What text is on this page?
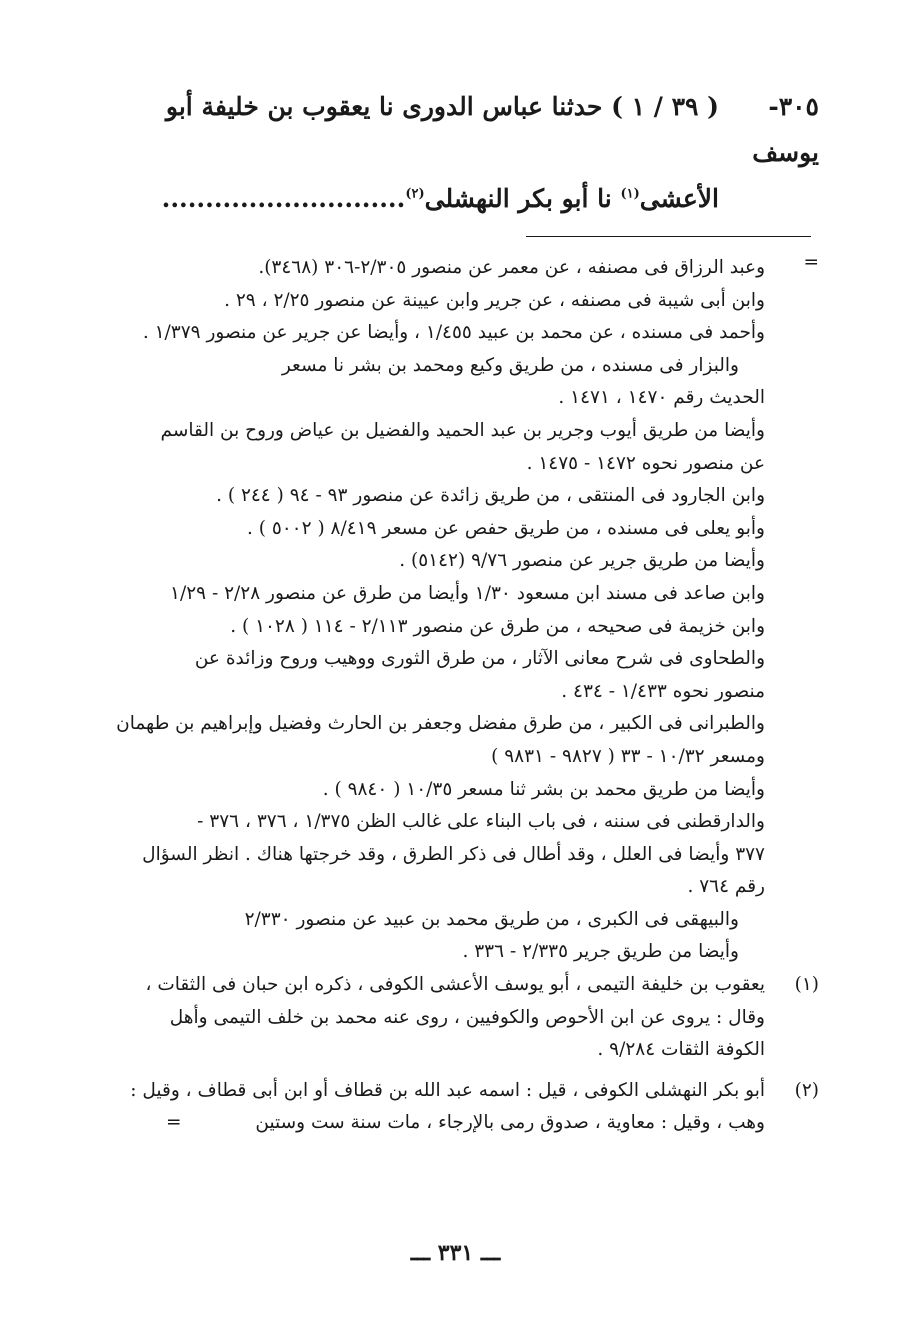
٣٠٥-( ٣٩ / ١ ) حدثنا عباس الدورى نا يعقوب بن خليفة أبو يوسف
الأعشى$^{(١)}$ نا أبو بكر النهشلى$^{(٢)}$............................
=
وعبد الرزاق فى مصنفه ، عن معمر عن منصور ٢/٣٠٥-٣٠٦ (٣٤٦٨).
وابن أبى شيبة فى مصنفه ، عن جرير وابن عيينة عن منصور ٢/٢٥ ، ٢٩ .
وأحمد فى مسنده ، عن محمد بن عبيد ١/٤٥٥ ، وأيضا عن جرير عن منصور ١/٣٧٩ .
والبزار فى مسنده ، من طريق وكيع ومحمد بن بشر نا مسعر
الحديث رقم ١٤٧٠ ، ١٤٧١ .
وأيضا من طريق أيوب وجرير بن عبد الحميد والفضيل بن عياض وروح بن القاسم
عن منصور نحوه ١٤٧٢ - ١٤٧٥ .
وابن الجارود فى المنتقى ، من طريق زائدة عن منصور ٩٣ - ٩٤ ( ٢٤٤ ) .
وأبو يعلى فى مسنده ، من طريق حفص عن مسعر ٨/٤١٩ ( ٥٠٠٢ ) .
وأيضا من طريق جرير عن منصور ٩/٧٦ (٥١٤٢) .
وابن صاعد فى مسند ابن مسعود ١/٣٠ وأيضا من طرق عن منصور ٢/٢٨ - ١/٢٩
وابن خزيمة فى صحيحه ، من طرق عن منصور ٢/١١٣ - ١١٤ ( ١٠٢٨ ) .
والطحاوى فى شرح معانى الآثار ، من طرق الثورى ووهيب وروح وزائدة عن
منصور نحوه ١/٤٣٣ - ٤٣٤ .
والطبرانى فى الكبير ، من طرق مفضل وجعفر بن الحارث وفضيل وإبراهيم بن طهمان
ومسعر ١٠/٣٢ - ٣٣ ( ٩٨٢٧ - ٩٨٣١ )
وأيضا من طريق محمد بن بشر ثنا مسعر ١٠/٣٥ ( ٩٨٤٠ ) .
والدارقطنى فى سننه ، فى باب البناء على غالب الظن ١/٣٧٥ ، ٣٧٦ ، ٣٧٦ -
٣٧٧ وأيضا فى العلل ، وقد أطال فى ذكر الطرق ، وقد خرجتها هناك . انظر السؤال
رقم ٧٦٤ .
والبيهقى فى الكبرى ، من طريق محمد بن عبيد عن منصور ٢/٣٣٠
وأيضا من طريق جرير ٢/٣٣٥ - ٣٣٦ .
(١)
يعقوب بن خليفة التيمى ، أبو يوسف الأعشى الكوفى ، ذكره ابن حبان فى الثقات ،
وقال : يروى عن ابن الأحوص والكوفيين ، روى عنه محمد بن خلف التيمى وأهل
الكوفة الثقات ٩/٢٨٤ .
(٢)
أبو بكر النهشلى الكوفى ، قيل : اسمه عبد الله بن قطاف أو ابن أبى قطاف ، وقيل :
وهب ، وقيل : معاوية ، صدوق رمى بالإرجاء ، مات سنة ست وستين
=
ـــ ٣٣١ ـــ
